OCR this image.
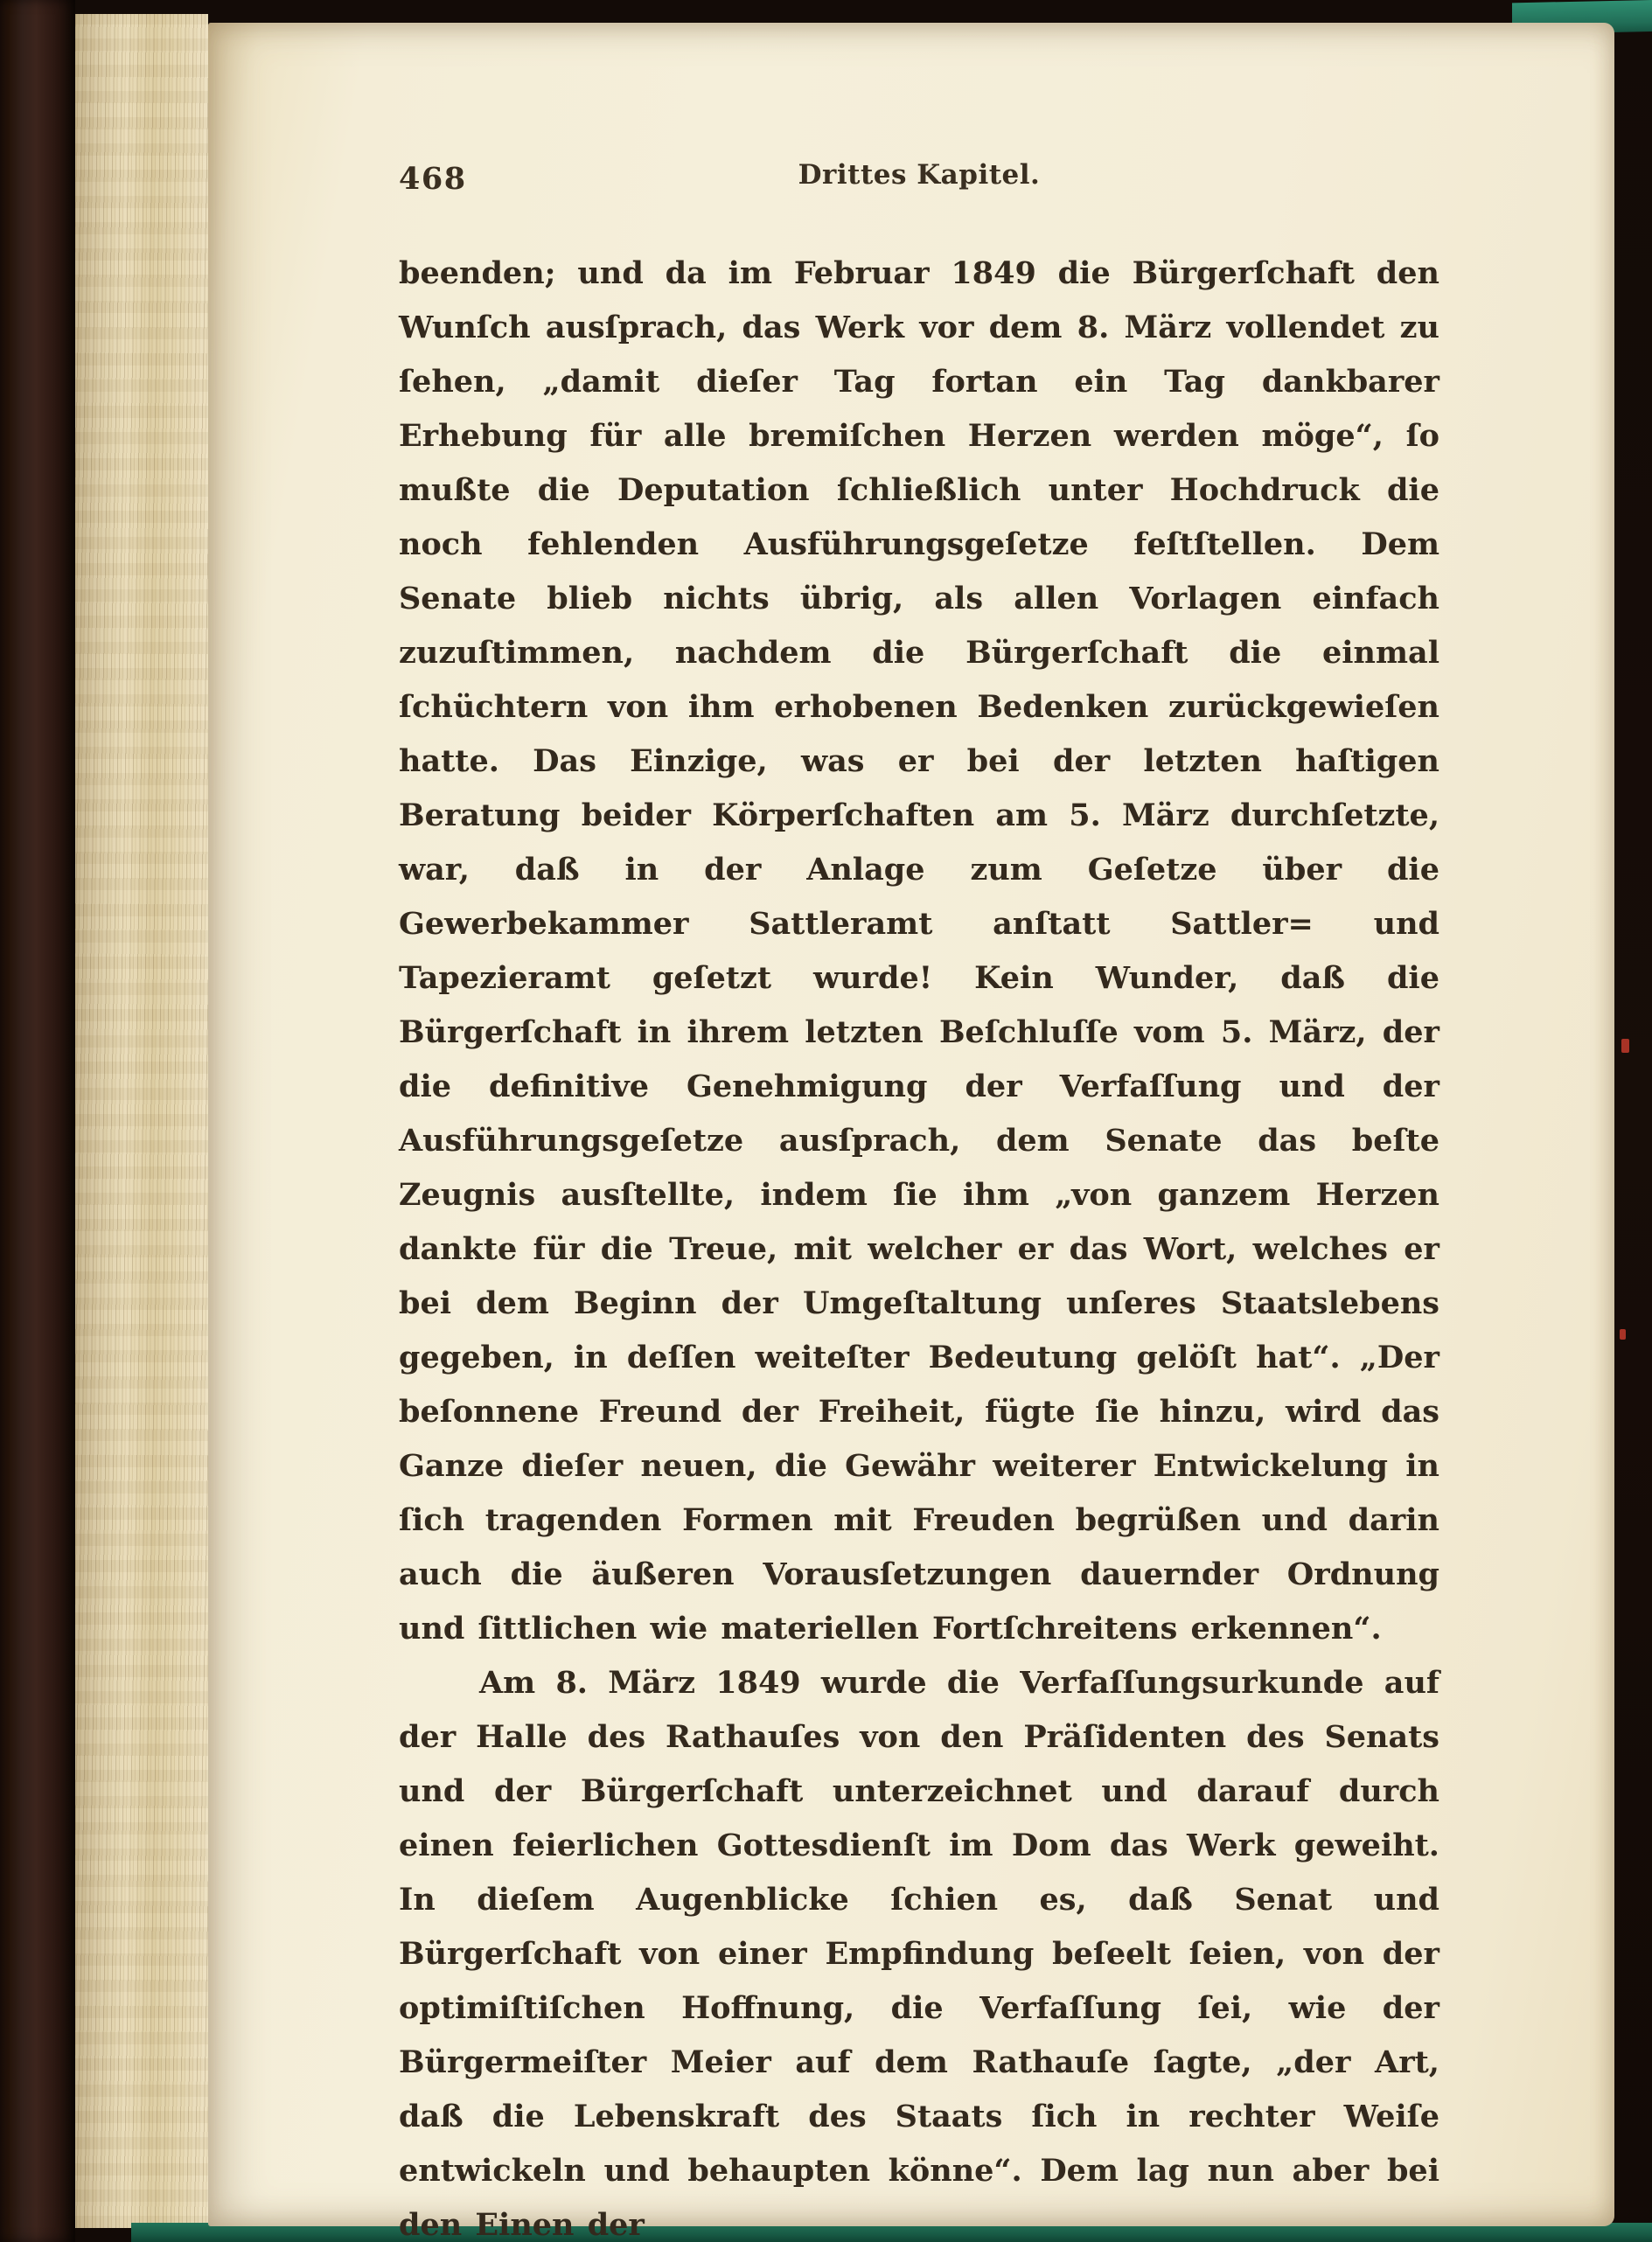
468	Drittes Kapitel.

beenden; und da im Februar 1849 die Bürgerſchaft den Wunſch ausſprach, das Werk vor dem 8. März vollendet zu ſehen, „damit dieſer Tag fortan ein Tag dankbarer Erhebung für alle bremiſchen Herzen werden möge“, ſo mußte die Deputation ſchließlich unter Hochdruck die noch fehlenden Ausführungsgeſetze feſtſtellen. Dem Senate blieb nichts übrig, als allen Vorlagen einfach zuzuſtimmen, nachdem die Bürgerſchaft die einmal ſchüchtern von ihm erhobenen Bedenken zurückgewieſen hatte. Das Einzige, was er bei der letzten haſtigen Beratung beider Körperſchaften am 5. März durchſetzte, war, daß in der Anlage zum Geſetze über die Gewerbekammer Sattleramt anſtatt Sattler= und Tapezieramt geſetzt wurde! Kein Wunder, daß die Bürgerſchaft in ihrem letzten Beſchluſſe vom 5. März, der die definitive Genehmigung der Verfaſſung und der Ausführungsgeſetze ausſprach, dem Senate das beſte Zeugnis ausſtellte, indem ſie ihm „von ganzem Herzen dankte für die Treue, mit welcher er das Wort, welches er bei dem Beginn der Umgeſtaltung unſeres Staatslebens gegeben, in deſſen weiteſter Bedeutung gelöſt hat“. „Der beſonnene Freund der Freiheit, fügte ſie hinzu, wird das Ganze dieſer neuen, die Gewähr weiterer Entwickelung in ſich tragenden Formen mit Freuden begrüßen und darin auch die äußeren Vorausſetzungen dauernder Ordnung und ſittlichen wie materiellen Fortſchreitens erkennen“.

Am 8. März 1849 wurde die Verfaſſungsurkunde auf der Halle des Rathauſes von den Präſidenten des Senats und der Bürgerſchaft unterzeichnet und darauf durch einen feierlichen Gottesdienſt im Dom das Werk geweiht. In dieſem Augenblicke ſchien es, daß Senat und Bürgerſchaft von einer Empfindung beſeelt ſeien, von der optimiſtiſchen Hoffnung, die Verfaſſung ſei, wie der Bürgermeiſter Meier auf dem Rathauſe ſagte, „der Art, daß die Lebenskraft des Staats ſich in rechter Weiſe entwickeln und behaupten könne“. Dem lag nun aber bei den Einen der
